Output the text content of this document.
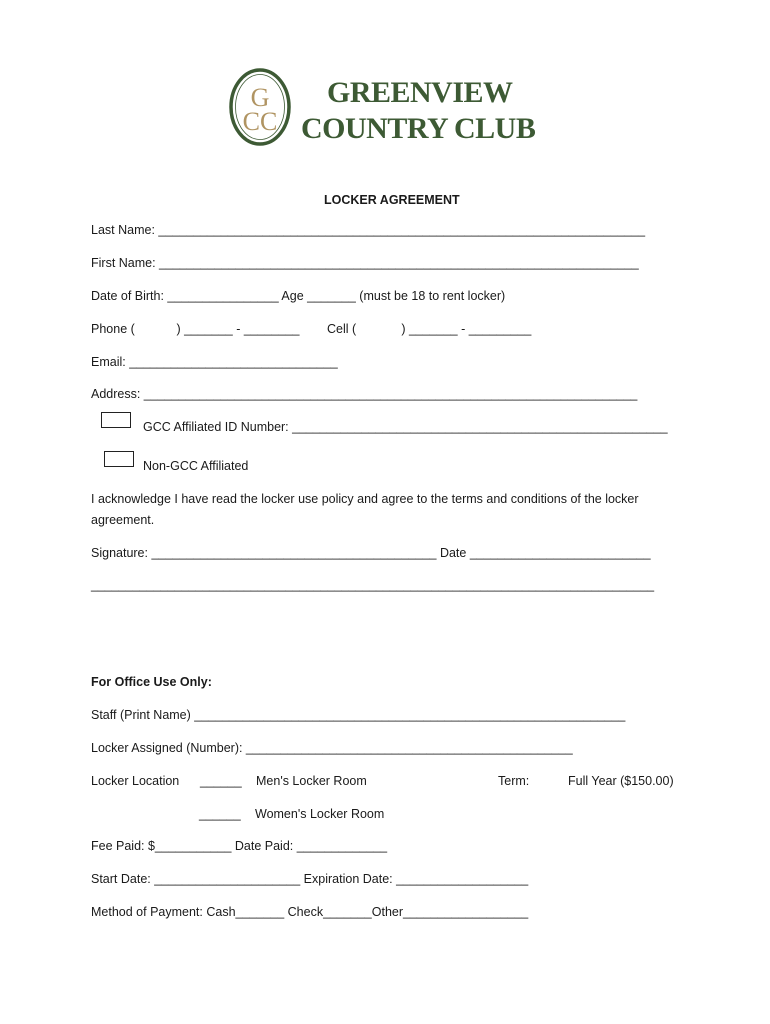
G
CC
GREENVIEW
COUNTRY CLUB
LOCKER AGREEMENT
Last Name: ______________________________________________________________________
First Name: _____________________________________________________________________
Date of Birth: ________________ Age _______ (must be 18 to rent locker)
Phone (            ) _______ - ________ Cell (             ) _______ - _________
Email: ______________________________
Address: _______________________________________________________________________
GCC Affiliated ID Number: ______________________________________________________
Non-GCC Affiliated
I acknowledge I have read the locker use policy and agree to the terms and conditions of the locker
agreement.
Signature: _________________________________________ Date __________________________
_________________________________________________________________________________
For Office Use Only:
Staff (Print Name) ______________________________________________________________
Locker Assigned (Number): _______________________________________________
Locker Location ______ Men's Locker Room	Term:	Full Year ($150.00)
______ Women's Locker Room
Fee Paid: $___________ Date Paid: _____________
Start Date: _____________________ Expiration Date: ___________________
Method of Payment: Cash_______ Check_______Other__________________
